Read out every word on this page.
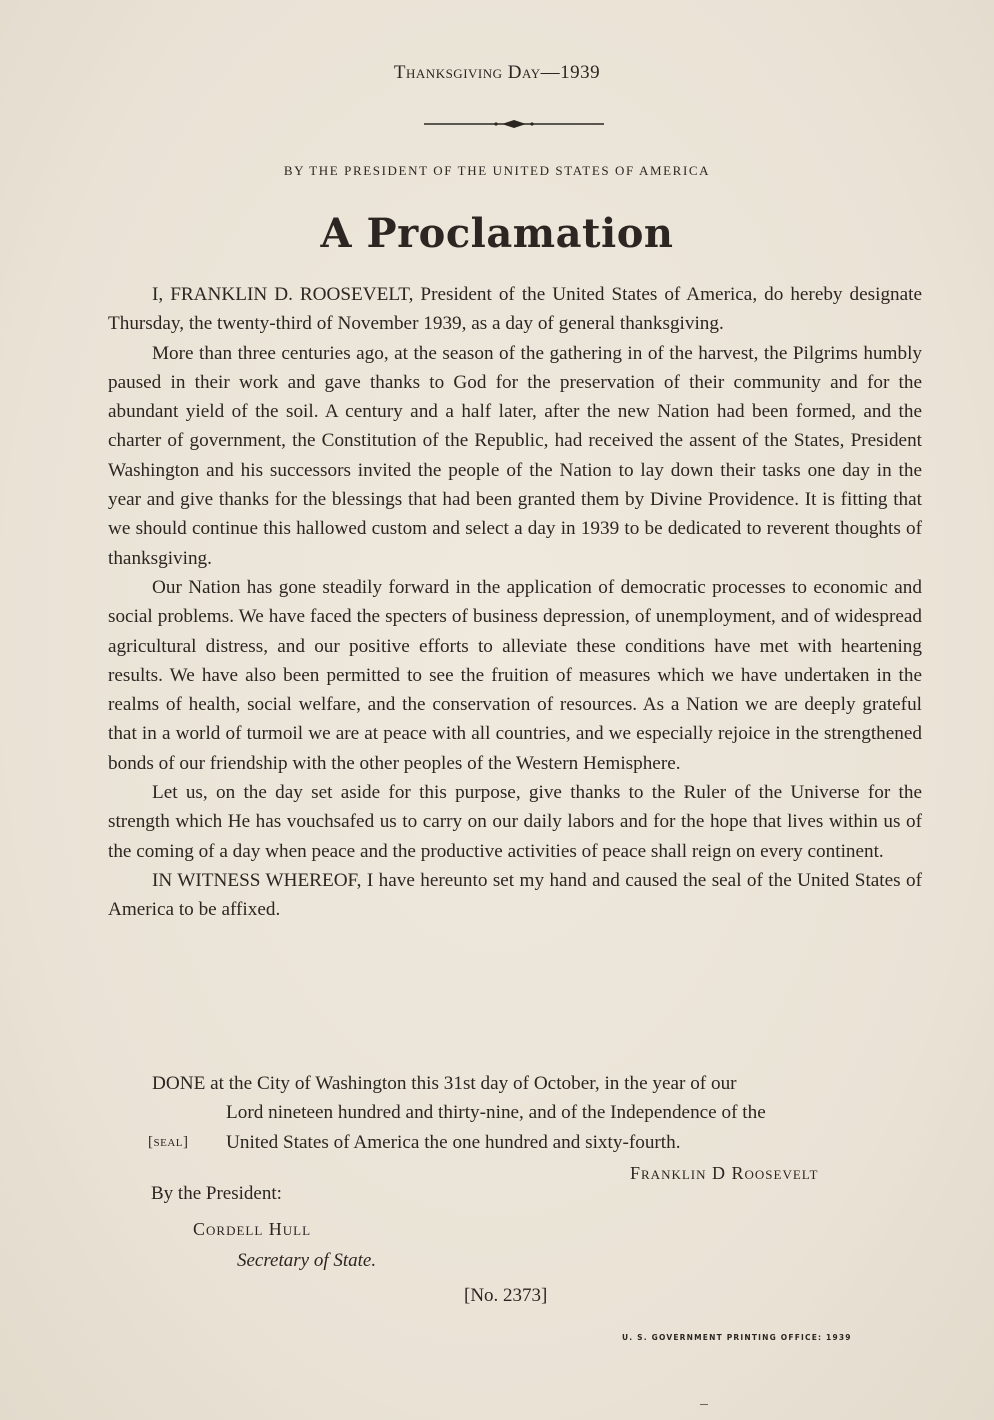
Thanksgiving Day—1939
BY THE PRESIDENT OF THE UNITED STATES OF AMERICA
A Proclamation

I, FRANKLIN D. ROOSEVELT, President of the United States of America, do hereby designate Thursday, the twenty-third of November 1939, as a day of general thanksgiving.

More than three centuries ago, at the season of the gathering in of the harvest, the Pilgrims humbly paused in their work and gave thanks to God for the preservation of their community and for the abundant yield of the soil. A century and a half later, after the new Nation had been formed, and the charter of government, the Constitution of the Republic, had received the assent of the States, President Washington and his successors invited the people of the Nation to lay down their tasks one day in the year and give thanks for the blessings that had been granted them by Divine Providence. It is fitting that we should continue this hallowed custom and select a day in 1939 to be dedicated to reverent thoughts of thanksgiving.

Our Nation has gone steadily forward in the application of democratic processes to economic and social problems. We have faced the specters of business depression, of unemployment, and of widespread agricultural distress, and our positive efforts to alleviate these conditions have met with heartening results. We have also been permitted to see the fruition of measures which we have undertaken in the realms of health, social welfare, and the conservation of resources. As a Nation we are deeply grateful that in a world of turmoil we are at peace with all countries, and we especially rejoice in the strengthened bonds of our friendship with the other peoples of the Western Hemisphere.

Let us, on the day set aside for this purpose, give thanks to the Ruler of the Universe for the strength which He has vouchsafed us to carry on our daily labors and for the hope that lives within us of the coming of a day when peace and the productive activities of peace shall reign on every continent.

IN WITNESS WHEREOF, I have hereunto set my hand and caused the seal of the United States of America to be affixed.

DONE at the City of Washington this 31st day of October, in the year of our
Lord nineteen hundred and thirty-nine, and of the Independence of the
[seal] United States of America the one hundred and sixty-fourth.
Franklin D Roosevelt
By the President:
Cordell Hull
Secretary of State.
[No. 2373]
U. S. GOVERNMENT PRINTING OFFICE: 1939
